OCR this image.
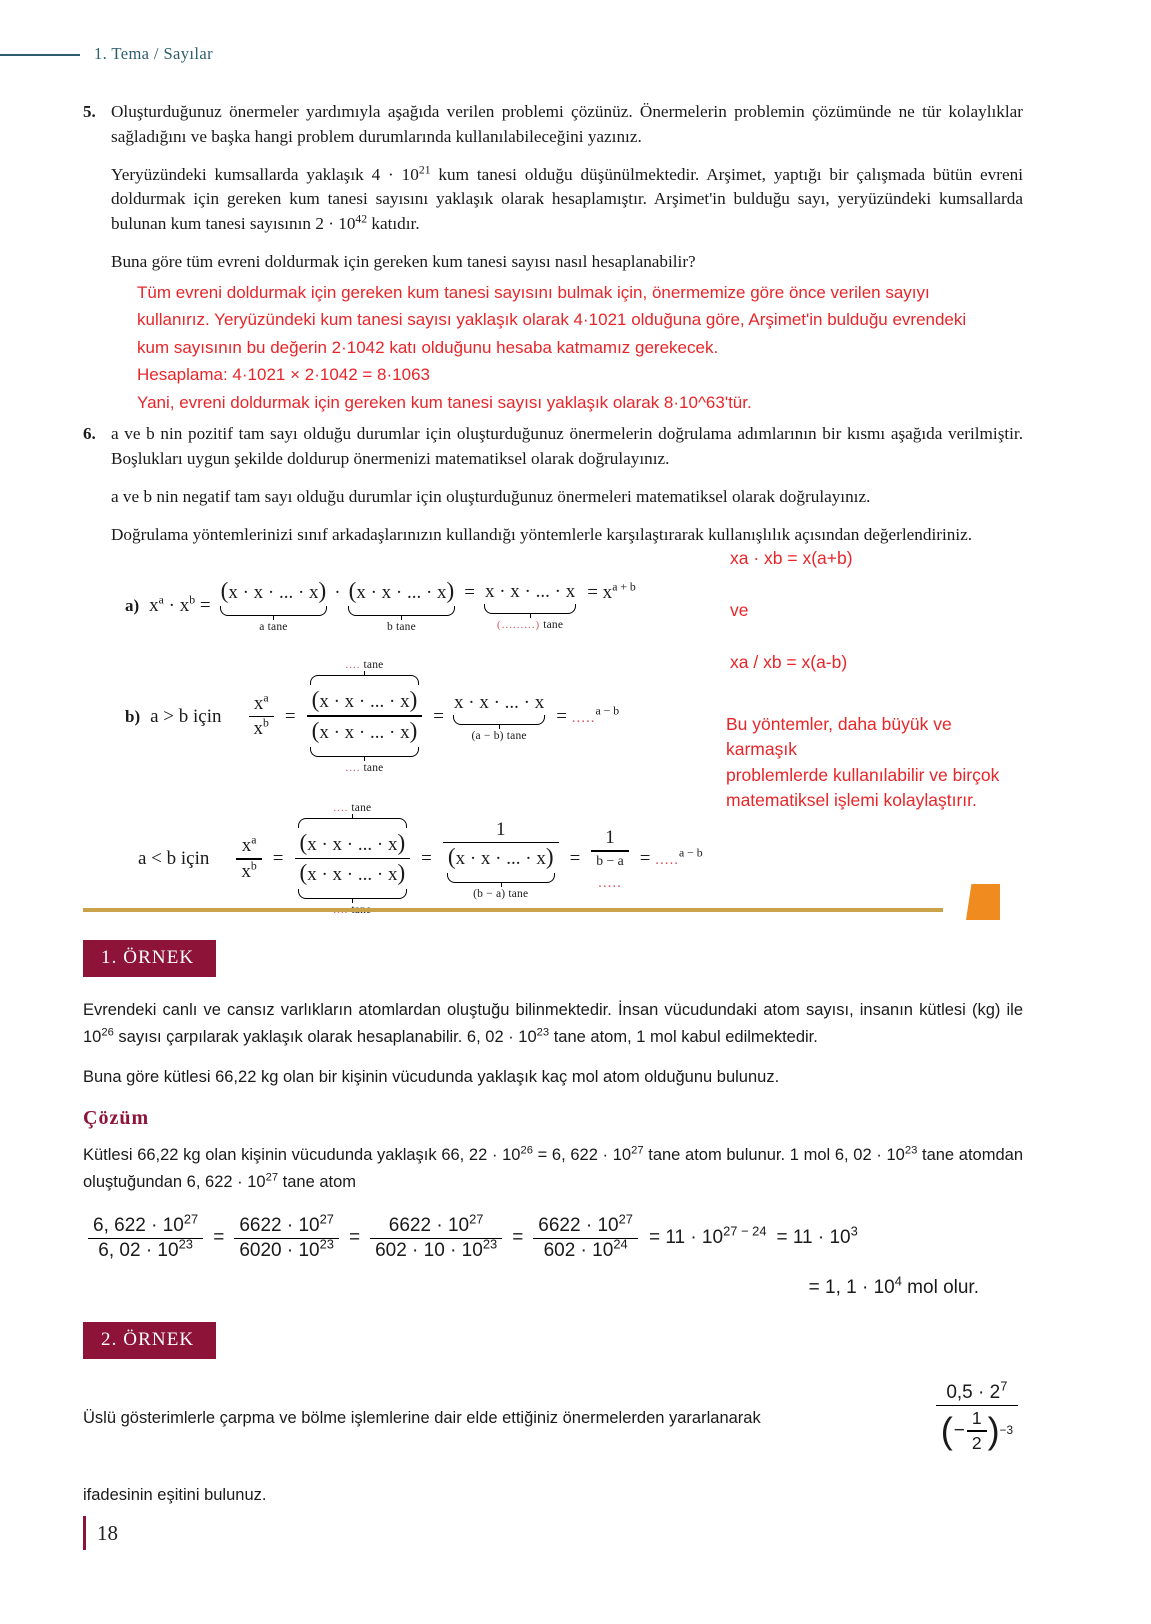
1. Tema / Sayılar
5. Oluşturduğunuz önermeler yardımıyla aşağıda verilen problemi çözünüz. Önermelerin problemin çözümünde ne tür kolaylıklar sağladığını ve başka hangi problem durumlarında kullanılabileceğini yazınız.

Yeryüzündeki kumsallarda yaklaşık $4 \cdot 10^{21}$ kum tanesi olduğu düşünülmektedir. Arşimet, yaptığı bir çalışmada bütün evreni doldurmak için gereken kum tanesi sayısını yaklaşık olarak hesaplamıştır. Arşimet'in bulduğu sayı, yeryüzündeki kumsallarda bulunan kum tanesi sayısının $2 \cdot 10^{42}$ katıdır.

Buna göre tüm evreni doldurmak için gereken kum tanesi sayısı nasıl hesaplanabilir?

Tüm evreni doldurmak için gereken kum tanesi sayısını bulmak için, önermemize göre önce verilen sayıyı
kullanırız. Yeryüzündeki kum tanesi sayısı yaklaşık olarak 4·1021 olduğuna göre, Arşimet'in bulduğu evrendeki
kum sayısının bu değerin 2·1042 katı olduğunu hesaba katmamız gerekecek.
Hesaplama: 4·1021 × 2·1042 = 8·1063
Yani, evreni doldurmak için gereken kum tanesi sayısı yaklaşık olarak 8·10^63'tür.
6. a ve b nin pozitif tam sayı olduğu durumlar için oluşturduğunuz önermelerin doğrulama adımlarının bir kısmı aşağıda verilmiştir. Boşlukları uygun şekilde doldurup önermenizi matematiksel olarak doğrulayınız.

a ve b nin negatif tam sayı olduğu durumlar için oluşturduğunuz önermeleri matematiksel olarak doğrulayınız.

Doğrulama yöntemlerinizi sınıf arkadaşlarınızın kullandığı yöntemlerle karşılaştırarak kullanışlılık açısından değerlendiriniz.

a) $x^a \cdot x^b$ =
(x · x · ... · x)
a tane
· (x · x · ... · x)
b tane
= x · x · ... · x
(.........) tane
= $x^{a + b}$
b) a > b için $\frac{x^a}{x^b}$ =
.... tane
(x · x · ... · x)
(x · x · ... · x)
.... tane
=
x · x · ... · x
(a − b) tane
= .....$^{a - b}$
a < b için $\frac{x^a}{x^b}$ =
.... tane
(x · x · ... · x)
(x · x · ... · x)
=
1
(x · x · ... · x)
(b − a) tane
=
1
b − a
.....
= .....$^{a - b}$
xa · xb = x(a+b)
ve
xa / xb = x(a-b)
Bu yöntemler, daha büyük ve karmaşık
problemlerde kullanılabilir ve birçok
matematiksel işlemi kolaylaştırır.
1. ÖRNEK

Evrendeki canlı ve cansız varlıkların atomlardan oluştuğu bilinmektedir. İnsan vücudundaki atom sayısı, insanın kütlesi (kg) ile $10^{26}$ sayısı çarpılarak yaklaşık olarak hesaplanabilir. 6, $02 \cdot 10^{23}$ tane atom, 1 mol kabul edilmektedir.

Buna göre kütlesi 66,22 kg olan bir kişinin vücudunda yaklaşık kaç mol atom olduğunu bulunuz.

Çözüm

Kütlesi 66,22 kg olan kişinin vücudunda yaklaşık 66, $22 \cdot 10^{26} = 6$, $622 \cdot 10^{27}$ tane atom bulunur. 1 mol 6, $02 \cdot 10^{23}$ tane atomdan oluştuğundan 6, $622 \cdot 10^{27}$ tane atom

$\frac{6, 622 \cdot 10^{27}}{6, 02 \cdot 10^{23}} = \frac{6622 \cdot 10^{27}}{6020 \cdot 10^{23}} = \frac{6622 \cdot 10^{27}}{602 \cdot 10 \cdot 10^{23}} = \frac{6622 \cdot 10^{27}}{602 \cdot 10^{24}} = 11 \cdot 10^{27 - 24} = 11 \cdot 10^3$
= 1, $1 \cdot 10^4$ mol olur.
2. ÖRNEK
Üslü gösterimlerle çarpma ve bölme işlemlerine dair elde ettiğiniz önermelerden yararlanarak
$0,5 \cdot 2^7$
( − $\frac{1}{2}$ ) −3
ifadesinin eşitini bulunuz.
18
